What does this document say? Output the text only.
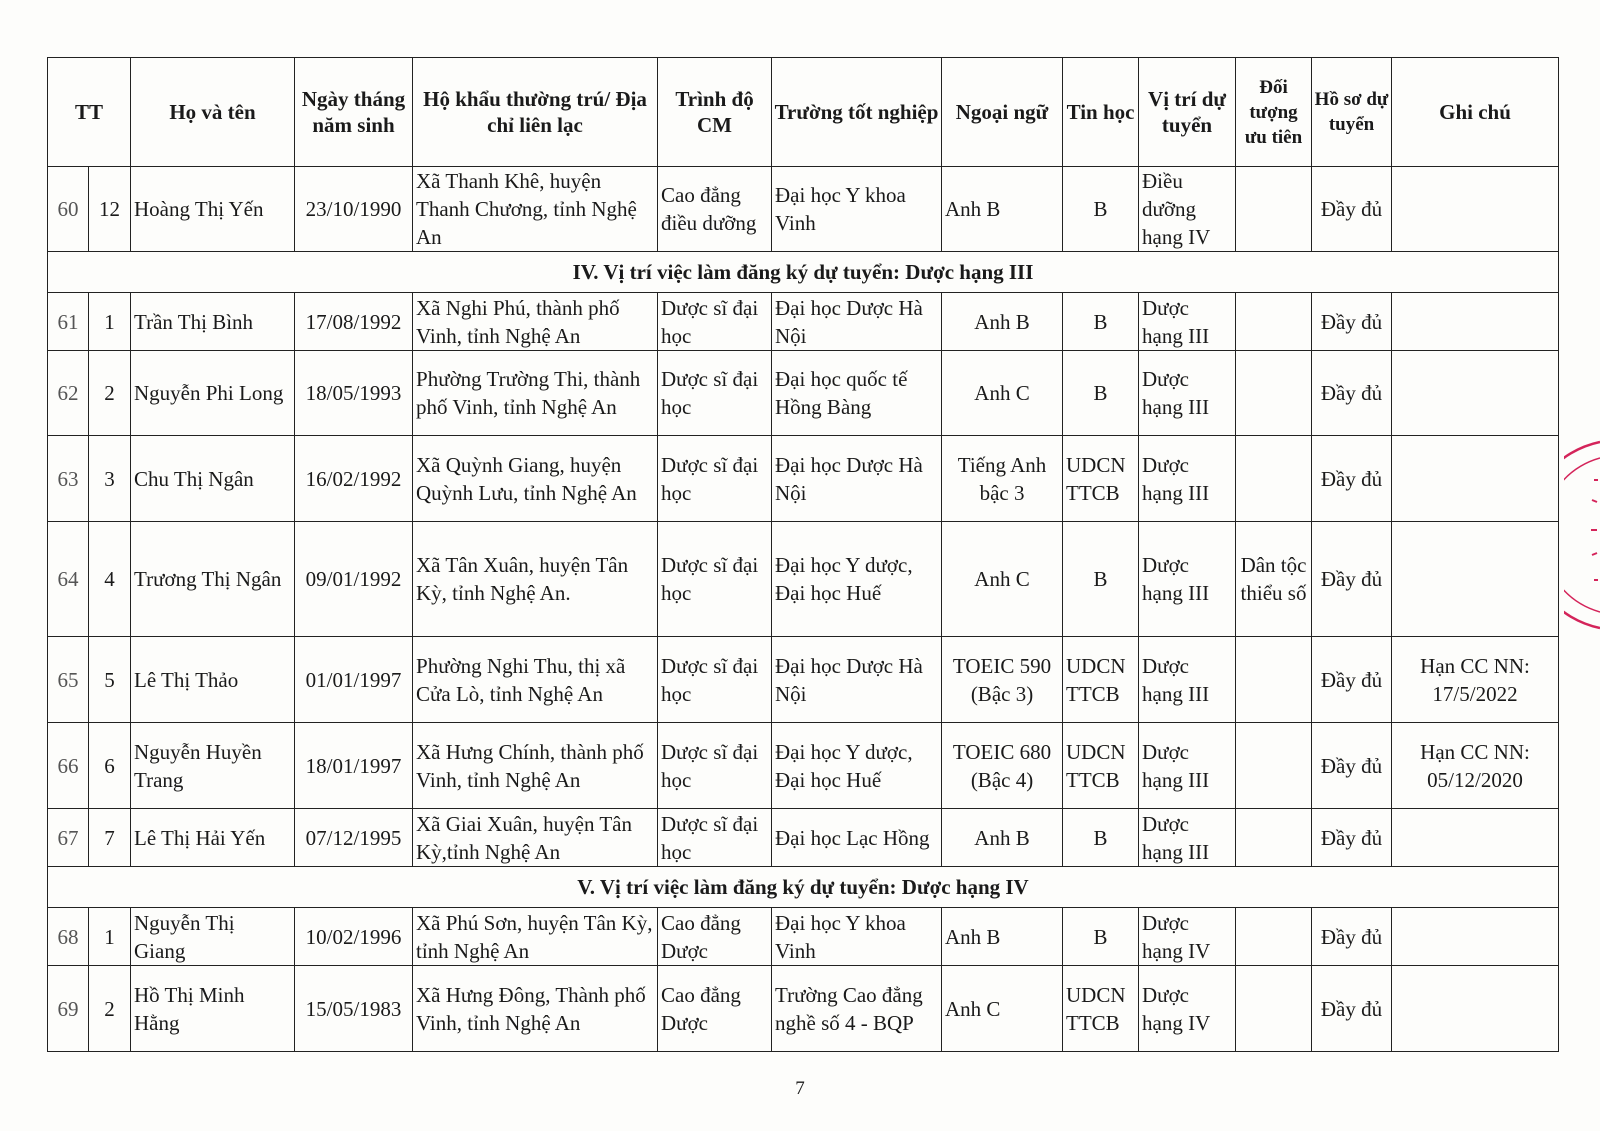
TT		Họ và tên	Ngày tháng năm sinh	Hộ khẩu thường trú/ Địa chỉ liên lạc	Trình độ CM	Trường tốt nghiệp	Ngoại ngữ	Tin học	Vị trí dự tuyển	Đối tượng ưu tiên	Hồ sơ dự tuyển	Ghi chú
60	12	Hoàng Thị Yến	23/10/1990	Xã Thanh Khê, huyện Thanh Chương, tỉnh Nghệ An	Cao đẳng điều dưỡng	Đại học Y khoa Vinh	Anh B	B	Điều dưỡng hạng IV		Đầy đủ	
IV. Vị trí việc làm đăng ký dự tuyển: Dược hạng III												
61	1	Trần Thị Bình	17/08/1992	Xã Nghi Phú, thành phố Vinh, tỉnh Nghệ An	Dược sĩ đại học	Đại học Dược Hà Nội	Anh B	B	Dược hạng III		Đầy đủ	
62	2	Nguyễn Phi Long	18/05/1993	Phường Trường Thi, thành phố Vinh, tỉnh Nghệ An	Dược sĩ đại học	Đại học quốc tế Hồng Bàng	Anh C	B	Dược hạng III		Đầy đủ	
63	3	Chu Thị Ngân	16/02/1992	Xã Quỳnh Giang, huyện Quỳnh Lưu, tỉnh Nghệ An	Dược sĩ đại học	Đại học Dược Hà Nội	Tiếng Anh bậc 3	UDCN TTCB	Dược hạng III		Đầy đủ	
64	4	Trương Thị Ngân	09/01/1992	Xã Tân Xuân, huyện Tân Kỳ, tỉnh Nghệ An.	Dược sĩ đại học	Đại học Y dược, Đại học Huế	Anh C	B	Dược hạng III	Dân tộc thiểu số	Đầy đủ	
65	5	Lê Thị Thảo	01/01/1997	Phường Nghi Thu, thị xã Cửa Lò, tỉnh Nghệ An	Dược sĩ đại học	Đại học Dược Hà Nội	TOEIC 590 (Bậc 3)	UDCN TTCB	Dược hạng III		Đầy đủ	Hạn CC NN: 17/5/2022
66	6	Nguyễn Huyền Trang	18/01/1997	Xã Hưng Chính, thành phố Vinh, tỉnh Nghệ An	Dược sĩ đại học	Đại học Y dược, Đại học Huế	TOEIC 680 (Bậc 4)	UDCN TTCB	Dược hạng III		Đầy đủ	Hạn CC NN: 05/12/2020
67	7	Lê Thị Hải Yến	07/12/1995	Xã Giai Xuân, huyện Tân Kỳ,tỉnh Nghệ An	Dược sĩ đại học	Đại học Lạc Hồng	Anh B	B	Dược hạng III		Đầy đủ	
V. Vị trí việc làm đăng ký dự tuyển: Dược hạng IV												
68	1	Nguyễn Thị Giang	10/02/1996	Xã Phú Sơn, huyện Tân Kỳ, tỉnh Nghệ An	Cao đẳng Dược	Đại học Y khoa Vinh	Anh B	B	Dược hạng IV		Đầy đủ	
69	2	Hồ Thị Minh Hằng	15/05/1983	Xã Hưng Đông, Thành phố Vinh, tỉnh Nghệ An	Cao đẳng Dược	Trường Cao đẳng nghề số 4 - BQP	Anh C	UDCN TTCB	Dược hạng IV		Đầy đủ	
7
